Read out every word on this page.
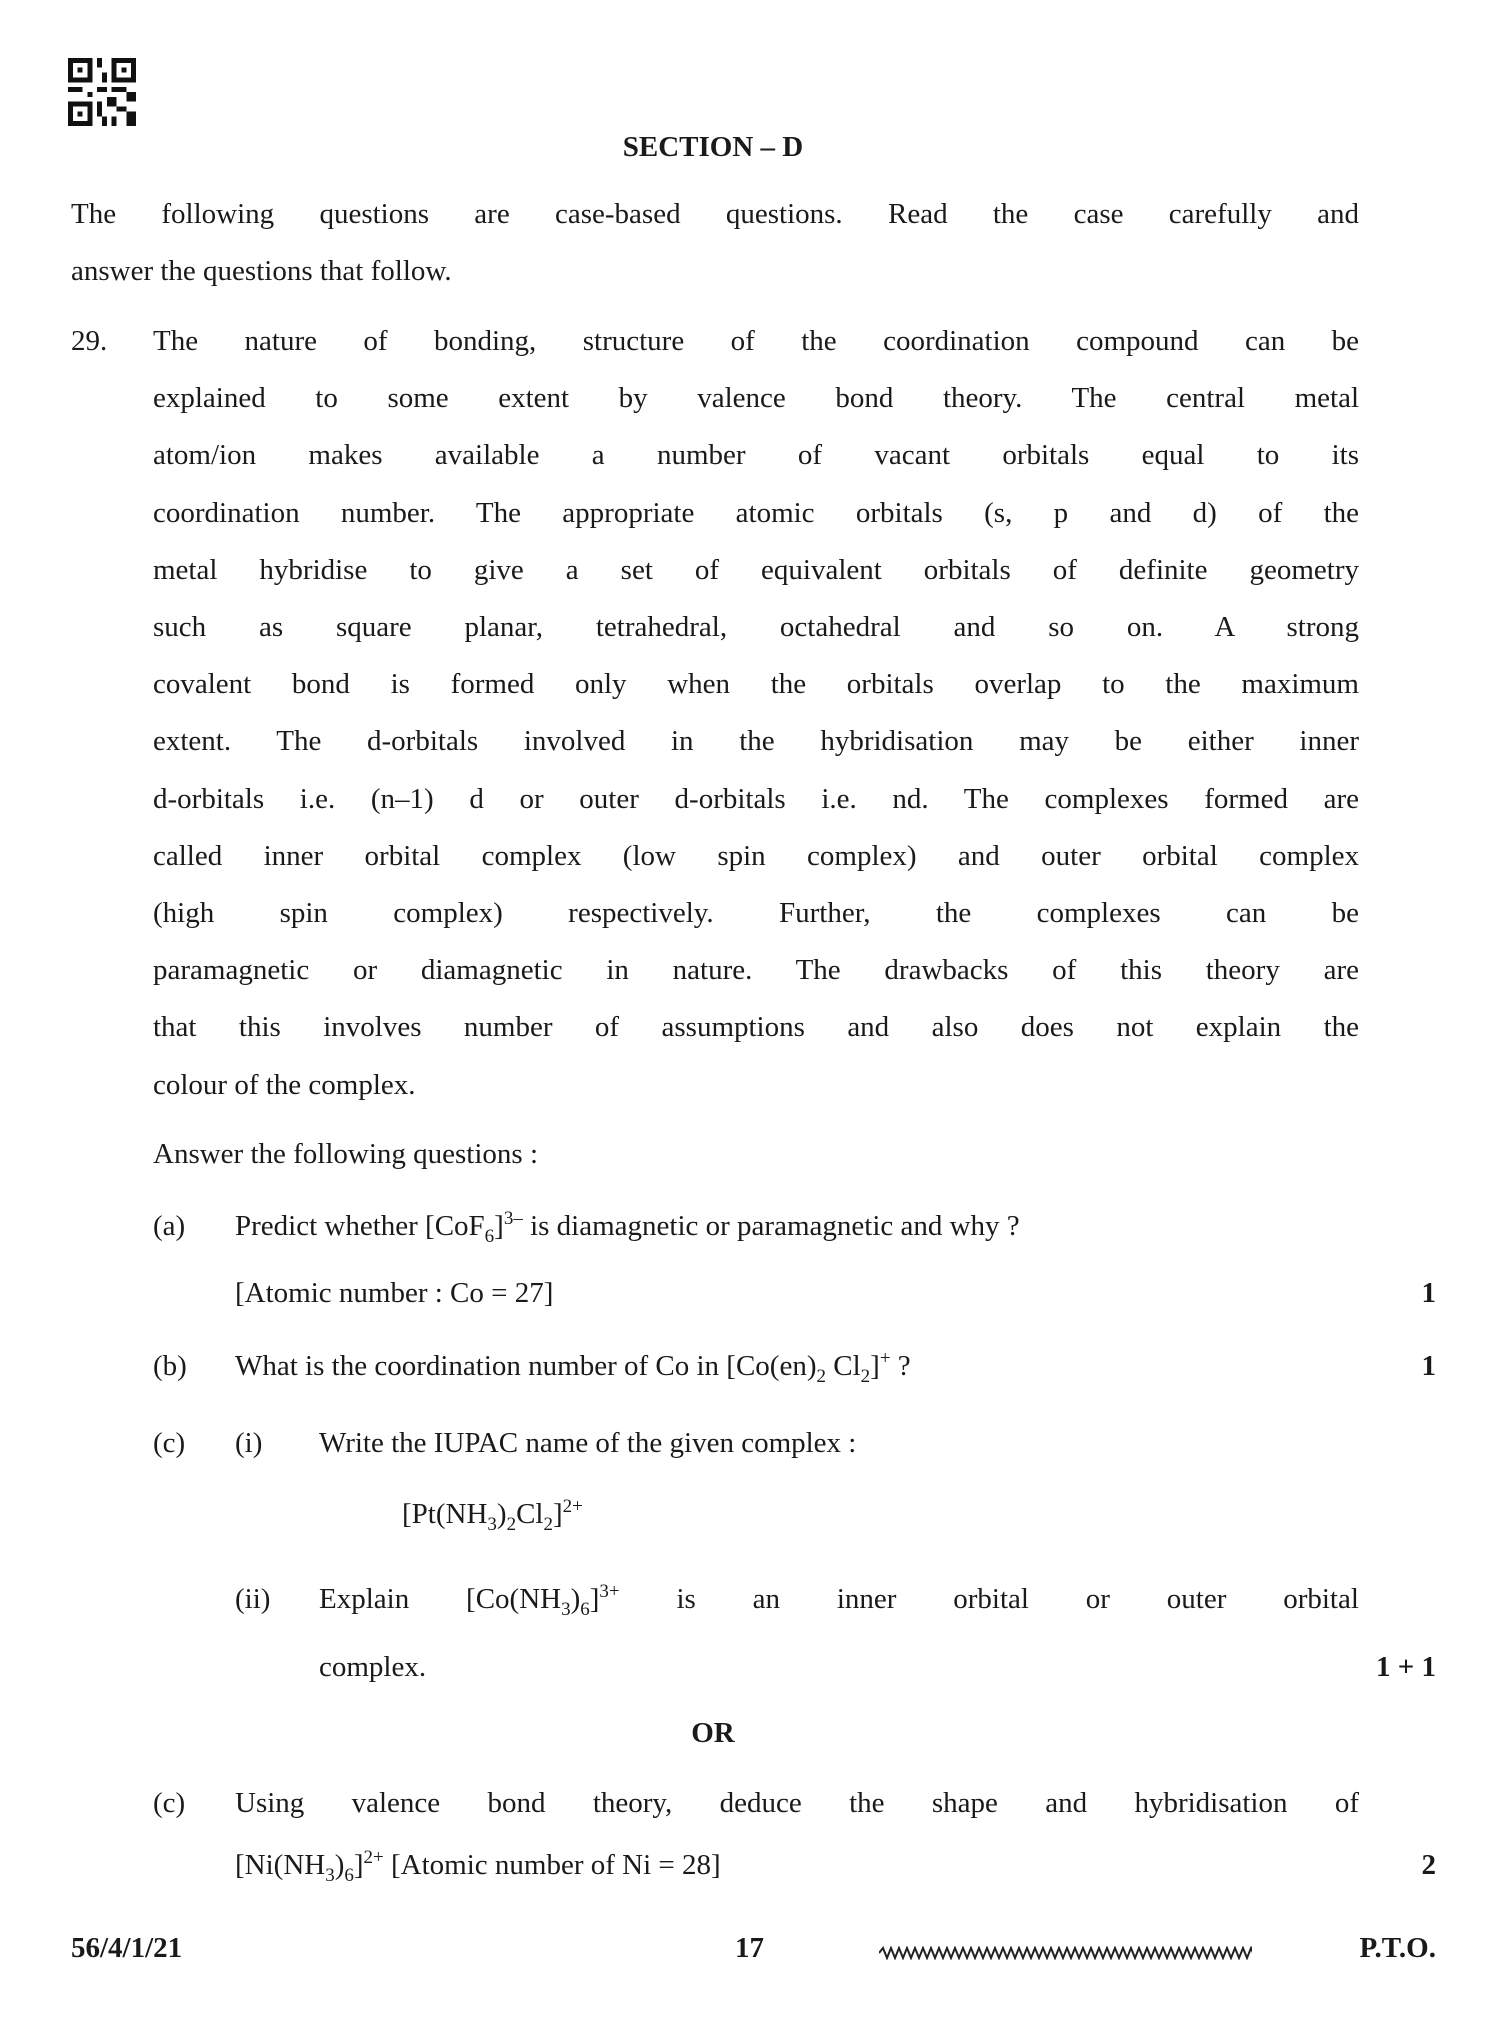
SECTION – D
The following questions are case-based questions. Read the case carefully and
answer the questions that follow.
29. The nature of bonding, structure of the coordination compound can be
explained to some extent by valence bond theory. The central metal
atom/ion makes available a number of vacant orbitals equal to its
coordination number. The appropriate atomic orbitals (s, p and d) of the
metal hybridise to give a set of equivalent orbitals of definite geometry
such as square planar, tetrahedral, octahedral and so on. A strong
covalent bond is formed only when the orbitals overlap to the maximum
extent. The d-orbitals involved in the hybridisation may be either inner
d-orbitals i.e. (n–1) d or outer d-orbitals i.e. nd. The complexes formed are
called inner orbital complex (low spin complex) and outer orbital complex
(high spin complex) respectively. Further, the complexes can be
paramagnetic or diamagnetic in nature. The drawbacks of this theory are
that this involves number of assumptions and also does not explain the
colour of the complex.
Answer the following questions :
(a) Predict whether $[CoF_6]^{3-}$ is diamagnetic or paramagnetic and why ?
[Atomic number : Co = 27]	1
(b) What is the coordination number of Co in [$Co(en)_2$ $Cl_2]^+$ ?	1
(c) (i) Write the IUPAC name of the given complex :
$[Pt(NH_3)_2Cl_2]^{2+}$
(ii) Explain $[Co(NH_3)_6]^{3+}$ is an inner orbital or outer orbital
complex.	1 + 1
OR
(c) Using valence bond theory, deduce the shape and hybridisation of
$[Ni(NH_3)_6]^{2+}$ [Atomic number of Ni = 28]	2
56/4/1/21	17	P.T.O.
